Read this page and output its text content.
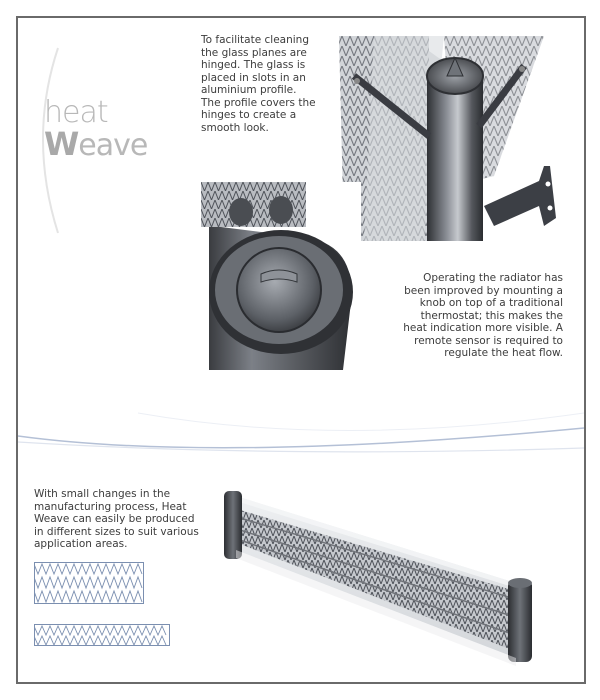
heat
Weave
To facilitate cleaning the glass planes are hinged. The glass is placed in slots in an aluminium profile. The profile covers the hinges to create a smooth look.
Operating the radiator has been improved by mounting a knob on top of a traditional thermostat; this makes the heat indication more visible. A remote sensor is required to regulate the heat flow.
With small changes in the manufacturing process, Heat Weave can easily be produced in different sizes to suit various application areas.
